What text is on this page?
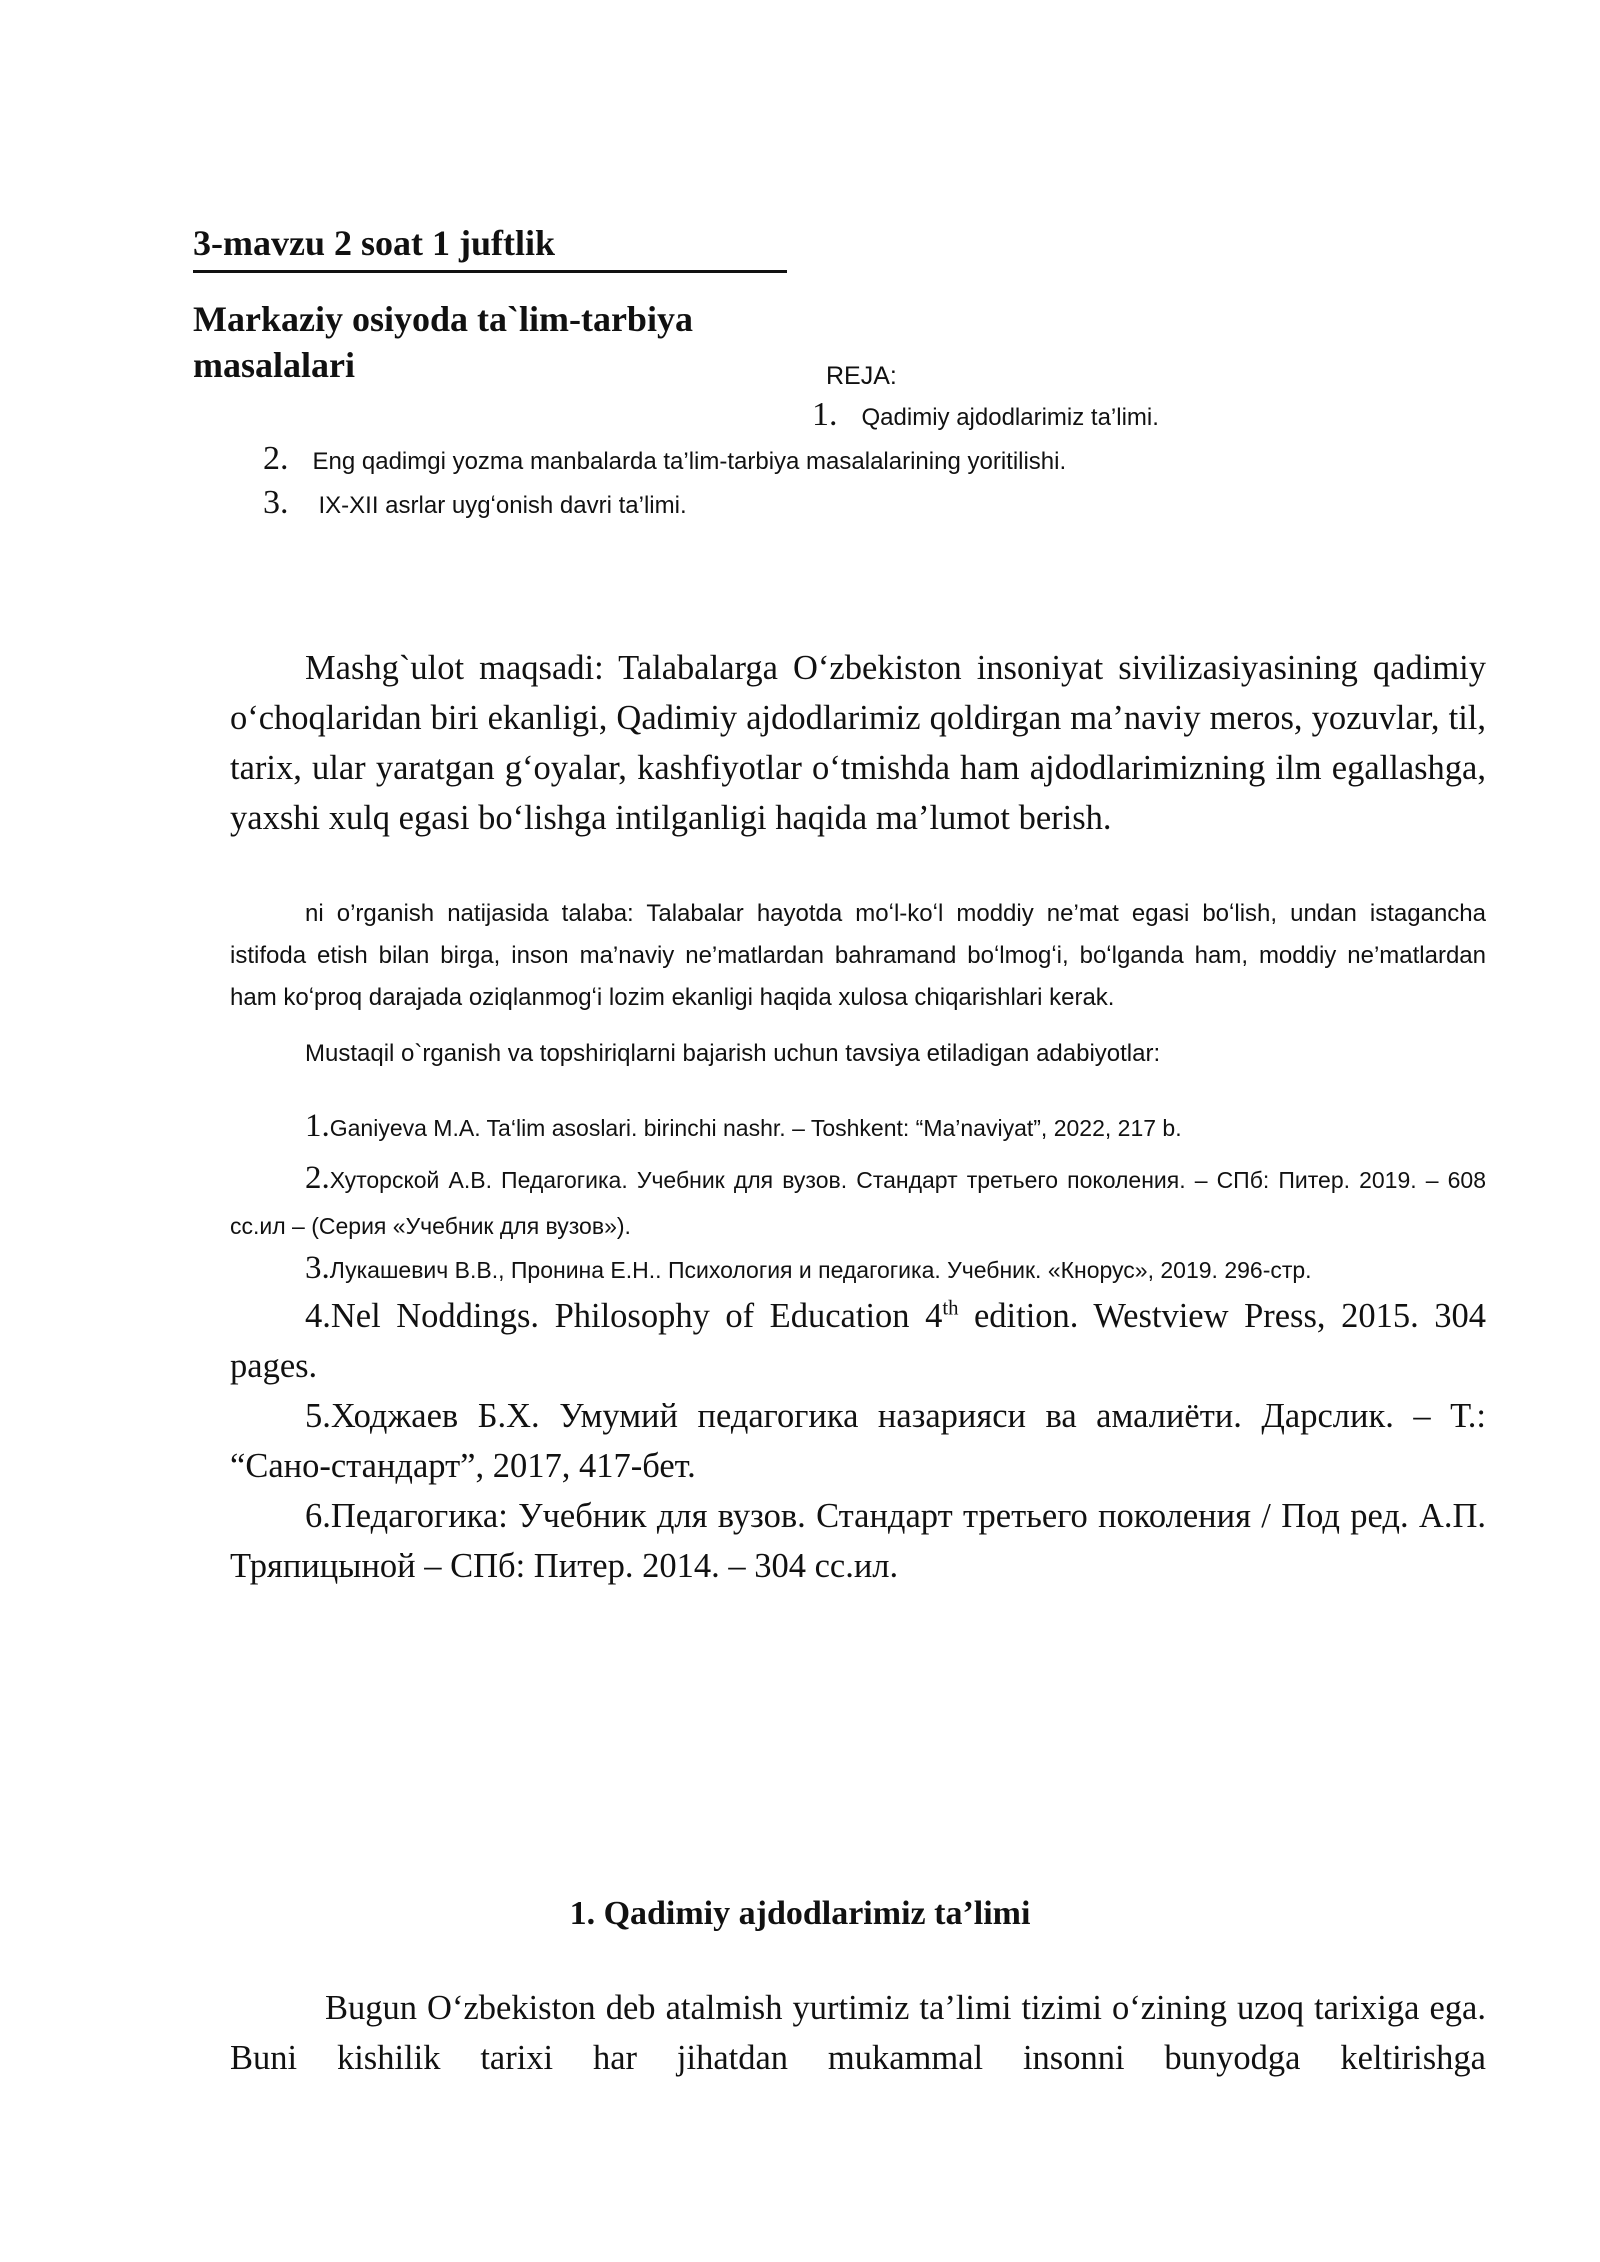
3-mavzu 2 soat 1 juftlik
Markaziy osiyoda ta`lim-tarbiya masalalari	REJA:
1. Qadimiy ajdodlarimiz ta’limi.
2. Eng qadimgi yozma manbalarda ta’lim-tarbiya masalalarining yoritilishi.
3. IX-XII asrlar uygʻonish davri ta’limi.
Mashg`ulot maqsadi: Talabalarga Oʻzbekiston insoniyat sivilizasiyasining qadimiy oʻchoqlaridan biri ekanligi, Qadimiy ajdodlarimiz qoldirgan ma’naviy meros, yozuvlar, til, tarix, ular yaratgan gʻoyalar, kashfiyotlar oʻtmishda ham ajdodlarimizning ilm egallashga, yaxshi xulq egasi boʻlishga intilganligi haqida ma’lumot berish.
ni o’rganish natijasida talaba: Talabalar hayotda moʻl-koʻl moddiy ne’mat egasi boʻlish, undan istagancha istifoda etish bilan birga, inson ma’naviy ne’matlardan bahramand boʻlmogʻi, boʻlganda ham, moddiy ne’matlardan ham koʻproq darajada oziqlanmogʻi lozim ekanligi haqida xulosa chiqarishlari kerak.
Mustaqil o`rganish va topshiriqlarni bajarish uchun tavsiya etiladigan adabiyotlar:
1.Ganiyeva M.A. Ta‘lim asoslari. birinchi nashr. – Toshkent: “Ma’naviyat”, 2022, 217 b.
2.Хуторской А.В. Педагогика. Учебник для вузов. Стандарт третьего поколения. – СПб: Питер. 2019. – 608 сс.ил – (Серия «Учебник для вузов»).
3.Лукашевич В.В., Пронина Е.Н.. Психология и педагогика. Учебник. «Кнорус», 2019. 296-стр.
4.Nel Noddings. Philosophy of Education 4th edition. Westview Press, 2015. 304 pages.
5.Ходжаев Б.Х. Умумий педагогика назарияси ва амалиёти. Дарслик. – Т.: “Сано-стандарт”, 2017, 417-бет.
6.Педагогика: Учебник для вузов. Стандарт третьего поколения / Под ред. А.П. Тряпицыной – СПб: Питер. 2014. – 304 сс.ил.
1. Qadimiy ajdodlarimiz ta’limi
Bugun Oʻzbekiston deb atalmish yurtimiz ta’limi tizimi oʻzining uzoq tarixiga ega. Buni kishilik tarixi har jihatdan mukammal insonni bunyodga keltirishga
